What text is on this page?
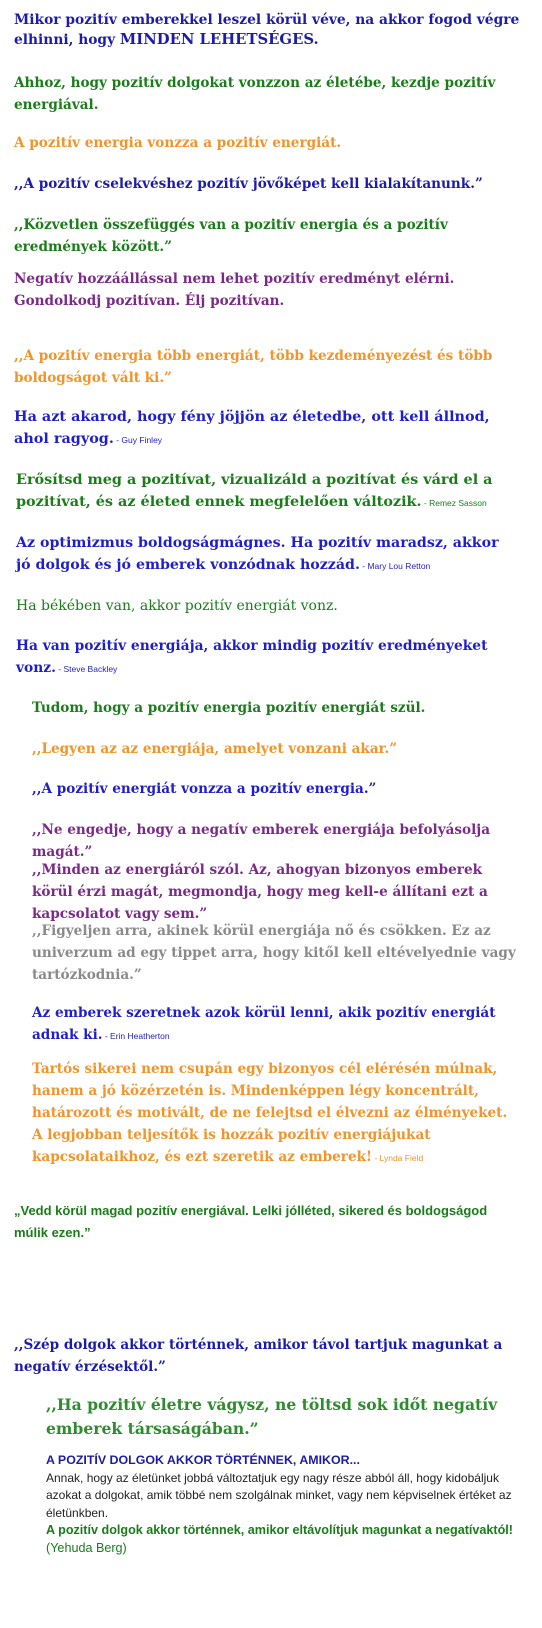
Mikor pozitív emberekkel leszel körül véve, na akkor fogod végre elhinni, hogy MINDEN LEHETSÉGES.

Ahhoz, hogy pozitív dolgokat vonzzon az életébe, kezdje pozitív energiával.

A pozitív energia vonzza a pozitív energiát.

,,A pozitív cselekvéshez pozitív jövőképet kell kialakítanunk.”

,,Közvetlen összefüggés van a pozitív energia és a pozitív eredmények között.”

Negatív hozzáállással nem lehet pozitív eredményt elérni.
Gondolkodj pozitívan. Élj pozitívan.

,,A pozitív energia több energiát, több kezdeményezést és több boldogságot vált ki.”

Ha azt akarod, hogy fény jöjjön az életedbe, ott kell állnod, ahol ragyog. - Guy Finley

Erősítsd meg a pozitívat, vizualizáld a pozitívat és várd el a pozitívat, és az életed ennek megfelelően változik. - Remez Sasson

Az optimizmus boldogságmágnes. Ha pozitív maradsz, akkor jó dolgok és jó emberek vonzódnak hozzád. - Mary Lou Retton

Ha békében van, akkor pozitív energiát vonz.

Ha van pozitív energiája, akkor mindig pozitív eredményeket vonz. - Steve Backley

Tudom, hogy a pozitív energia pozitív energiát szül.

,,Legyen az az energiája, amelyet vonzani akar.”

,,A pozitív energiát vonzza a pozitív energia.”

,,Ne engedje, hogy a negatív emberek energiája befolyásolja magát.”

,,Minden az energiáról szól. Az, ahogyan bizonyos emberek körül érzi magát, megmondja, hogy meg kell-e állítani ezt a kapcsolatot vagy sem.”

,,Figyeljen arra, akinek körül energiája nő és csökken. Ez az univerzum ad egy tippet arra, hogy kitől kell eltévelyednie vagy tartózkodnia.”

Az emberek szeretnek azok körül lenni, akik pozitív energiát adnak ki. - Erin Heatherton

Tartós sikerei nem csupán egy bizonyos cél elérésén múlnak, hanem a jó közérzetén is. Mindenképpen légy koncentrált, határozott és motivált, de ne felejtsd el élvezni az élményeket.
A legjobban teljesítők is hozzák pozitív energiájukat kapcsolataikhoz, és ezt szeretik az emberek! - Lynda Field

„Vedd körül magad pozitív energiával. Lelki jólléted, sikered és boldogságod múlik ezen.”

,,Szép dolgok akkor történnek, amikor távol tartjuk magunkat a negatív érzésektől.”

,,Ha pozitív életre vágysz, ne töltsd sok időt negatív emberek társaságában.”

A POZITÍV DOLGOK AKKOR TÖRTÉNNEK, AMIKOR...
Annak, hogy az életünket jobbá változtatjuk egy nagy része abból áll, hogy kidobáljuk azokat a dolgokat, amik többé nem szolgálnak minket, vagy nem képviselnek értéket az életünkben.
A pozitív dolgok akkor történnek, amikor eltávolítjuk magunkat a negatívaktól! (Yehuda Berg)
